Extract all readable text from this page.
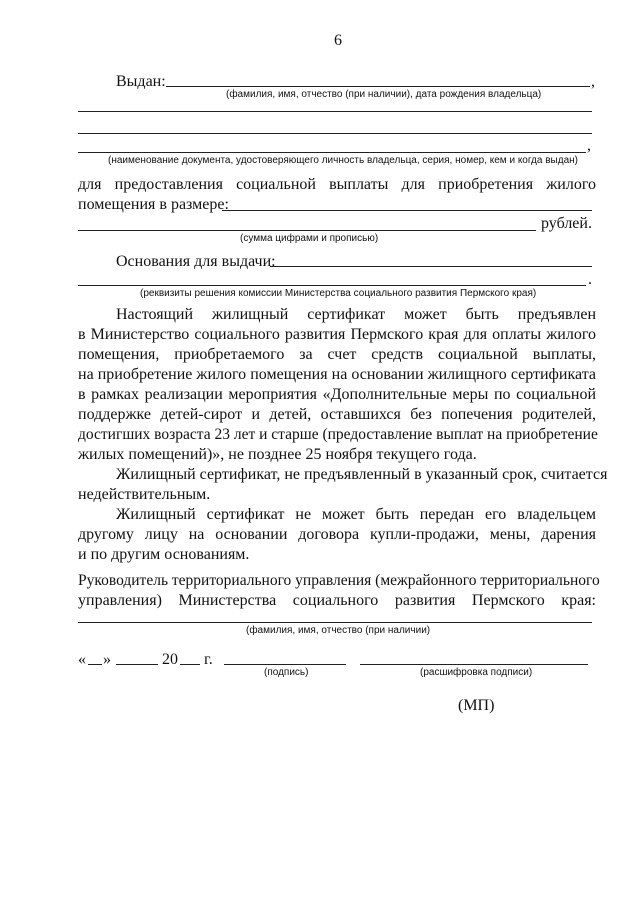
6
Выдан:	,
(фамилия, имя, отчество (при наличии), дата рождения владельца)
,
(наименование документа, удостоверяющего личность владельца, серия, номер, кем и когда выдан)
для предоставления социальной выплаты для приобретения жилого
помещения в размере:
рублей.
(сумма цифрами и прописью)
Основания для выдачи:
.
(реквизиты решения комиссии Министерства социального развития Пермского края)
Настоящий жилищный сертификат может быть предъявлен
в Министерство социального развития Пермского края для оплаты жилого
помещения, приобретаемого за счет средств социальной выплаты,
на приобретение жилого помещения на основании жилищного сертификата
в рамках реализации мероприятия «Дополнительные меры по социальной
поддержке детей-сирот и детей, оставшихся без попечения родителей,
достигших возраста 23 лет и старше (предоставление выплат на приобретение
жилых помещений)», не позднее 25 ноября текущего года.
Жилищный сертификат, не предъявленный в указанный срок, считается
недействительным.
Жилищный сертификат не может быть передан его владельцем
другому лицу на основании договора купли-продажи, мены, дарения
и по другим основаниям.
Руководитель территориального управления (межрайонного территориального
управления) Министерства социального развития Пермского края:
(фамилия, имя, отчество (при наличии)
« »	20 г.
(подпись)	(расшифровка подписи)
(МП)
